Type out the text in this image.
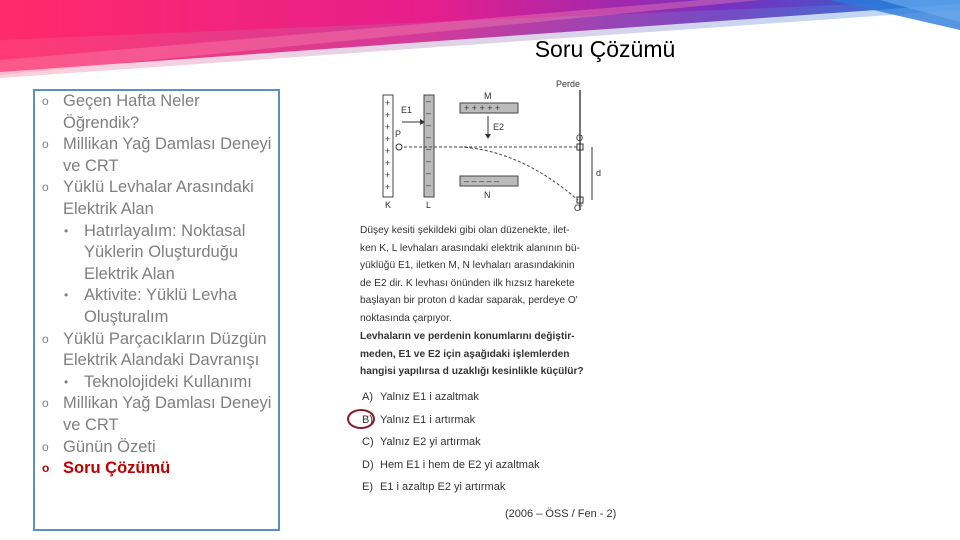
Soru Çözümü
o Geçen Hafta Neler Öğrendik?
o Millikan Yağ Damlası Deneyi ve CRT
o Yüklü Levhalar Arasındaki Elektrik Alan
• Hatırlayalım: Noktasal Yüklerin Oluşturduğu Elektrik Alan
• Aktivite: Yüklü Levha Oluşturalım
o Yüklü Parçacıkların Düzgün Elektrik Alandaki Davranışı
• Teknolojideki Kullanımı
o Millikan Yağ Damlası Deneyi ve CRT
o Günün Özeti
o Soru Çözümü
+
+
+
+
+
+
+
+
–
–
–
–
–
–
–
–
+ + + + +
– – – – –
Perde
K	L
M
N
E1
E2
P	O
O'
d
Düşey kesiti şekildeki gibi olan düzenekte, ilet-
ken K, L levhaları arasındaki elektrik alanının bü-
yüklüğü E1, iletken M, N levhaları arasındakinin
de E2 dir. K levhası önünden ilk hızsız harekete
başlayan bir proton d kadar saparak, perdeye O'
noktasında çarpıyor.
Levhaların ve perdenin konumlarını değiştir-
meden, E1 ve E2 için aşağıdaki işlemlerden
hangisi yapılırsa d uzaklığı kesinlikle küçülür?
A) Yalnız E1 i azaltmak
B) Yalnız E1 i artırmak
C) Yalnız E2 yi artırmak
D) Hem E1 i hem de E2 yi azaltmak
E) E1 i azaltıp E2 yi artırmak
(2006 – ÖSS / Fen - 2)
